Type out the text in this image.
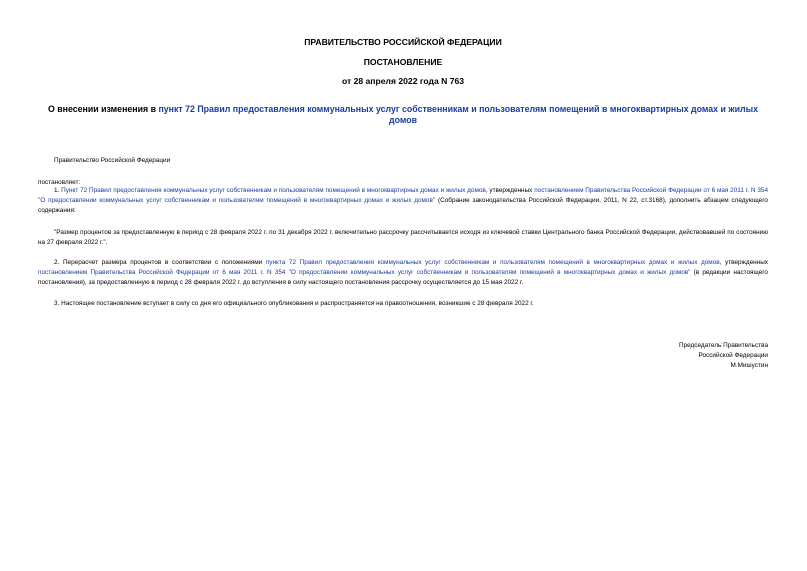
ПРАВИТЕЛЬСТВО РОССИЙСКОЙ ФЕДЕРАЦИИ
ПОСТАНОВЛЕНИЕ
от 28 апреля 2022 года N 763
О внесении изменения в пункт 72 Правил предоставления коммунальных услуг собственникам и пользователям помещений в многоквартирных домах и жилых домов
Правительство Российской Федерации
постановляет:
1. Пункт 72 Правил предоставления коммунальных услуг собственникам и пользователям помещений в многоквартирных домах и жилых домов, утвержденных постановлением Правительства Российской Федерации от 6 мая 2011 г. N 354 "О предоставлении коммунальных услуг собственникам и пользователям помещений в многоквартирных домах и жилых домов" (Собрание законодательства Российской Федерации, 2011, N 22, ст.3168), дополнить абзацем следующего содержания:
"Размер процентов за предоставленную в период с 28 февраля 2022 г. по 31 декабря 2022 г. включительно рассрочку рассчитывается исходя из ключевой ставки Центрального банка Российской Федерации, действовавшей по состоянию на 27 февраля 2022 г.".
2. Перерасчет размера процентов в соответствии с положениями пункта 72 Правил предоставления коммунальных услуг собственникам и пользователям помещений в многоквартирных домах и жилых домов, утвержденных постановлением Правительства Российской Федерации от 6 мая 2011 г. N 354 "О предоставлении коммунальных услуг собственникам и пользователям помещений в многоквартирных домах и жилых домов" (в редакции настоящего постановления), за предоставленную в период с 28 февраля 2022 г. до вступления в силу настоящего постановления рассрочку осуществляется до 15 мая 2022 г.
3. Настоящее постановление вступает в силу со дня его официального опубликования и распространяется на правоотношения, возникшие с 28 февраля 2022 г.
Председатель Правительства
Российской Федерации
М.Мишустин
